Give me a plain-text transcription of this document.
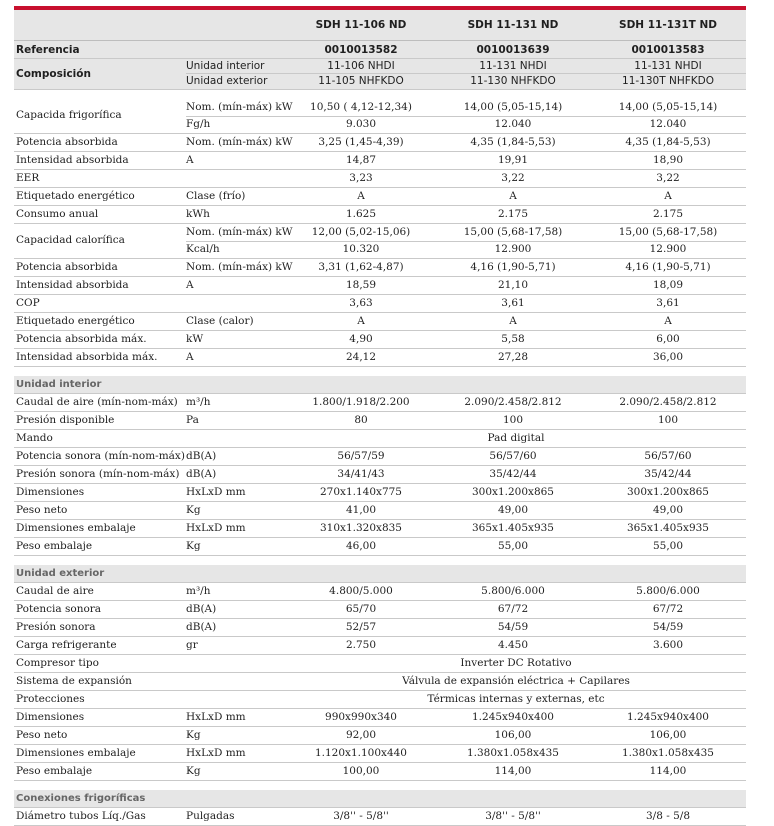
SDH 11-106 ND	SDH 11-131 ND	SDH 11-131T ND
Referencia	0010013582	0010013639	0010013583
Composición
Unidad interior	11-106 NHDI	11-131 NHDI	11-131 NHDI
Unidad exterior	11-105 NHFKDO	11-130 NHFKDO	11-130T NHFKDO
Capacida frigorífica
Nom. (mín-máx) kW	10,50 ( 4,12-12,34)	14,00 (5,05-15,14)	14,00 (5,05-15,14)
Fg/h	9.030	12.040	12.040
Potencia absorbida	Nom. (mín-máx) kW	3,25 (1,45-4,39)	4,35 (1,84-5,53)	4,35 (1,84-5,53)
Intensidad absorbida	A	14,87	19,91	18,90
EER	3,23	3,22	3,22
Etiquetado energético	Clase (frío)	A	A	A
Consumo anual	kWh	1.625	2.175	2.175
Capacidad calorífica
Nom. (mín-máx) kW	12,00 (5,02-15,06)	15,00 (5,68-17,58)	15,00 (5,68-17,58)
Kcal/h	10.320	12.900	12.900
Potencia absorbida	Nom. (mín-máx) kW	3,31 (1,62-4,87)	4,16 (1,90-5,71)	4,16 (1,90-5,71)
Intensidad absorbida	A	18,59	21,10	18,09
COP	3,63	3,61	3,61
Etiquetado energético	Clase (calor)	A	A	A
Potencia absorbida máx.	kW	4,90	5,58	6,00
Intensidad absorbida máx.	A	24,12	27,28	36,00
Unidad interior
Caudal de aire (mín-nom-máx) m³/h	1.800/1.918/2.200	2.090/2.458/2.812	2.090/2.458/2.812
Presión disponible	Pa	80	100	100
Mando	Pad digital
Potencia sonora (mín-nom-máx) dB(A)	56/57/59	56/57/60	56/57/60
Presión sonora (mín-nom-máx) dB(A)	34/41/43	35/42/44	35/42/44
Dimensiones	HxLxD mm	270x1.140x775	300x1.200x865	300x1.200x865
Peso neto	Kg	41,00	49,00	49,00
Dimensiones embalaje	HxLxD mm	310x1.320x835	365x1.405x935	365x1.405x935
Peso embalaje	Kg	46,00	55,00	55,00
Unidad exterior
Caudal de aire	m³/h	4.800/5.000	5.800/6.000	5.800/6.000
Potencia sonora	dB(A)	65/70	67/72	67/72
Presión sonora	dB(A)	52/57	54/59	54/59
Carga refrigerante	gr	2.750	4.450	3.600
Compresor tipo	Inverter DC Rotativo
Sistema de expansión	Válvula de expansión eléctrica + Capilares
Protecciones	Térmicas internas y externas, etc
Dimensiones	HxLxD mm	990x990x340	1.245x940x400	1.245x940x400
Peso neto	Kg	92,00	106,00	106,00
Dimensiones embalaje	HxLxD mm	1.120x1.100x440	1.380x1.058x435	1.380x1.058x435
Peso embalaje	Kg	100,00	114,00	114,00
Conexiones frigoríficas
Diámetro tubos Líq./Gas	Pulgadas	3/8'' - 5/8''	3/8'' - 5/8''	3/8 - 5/8
